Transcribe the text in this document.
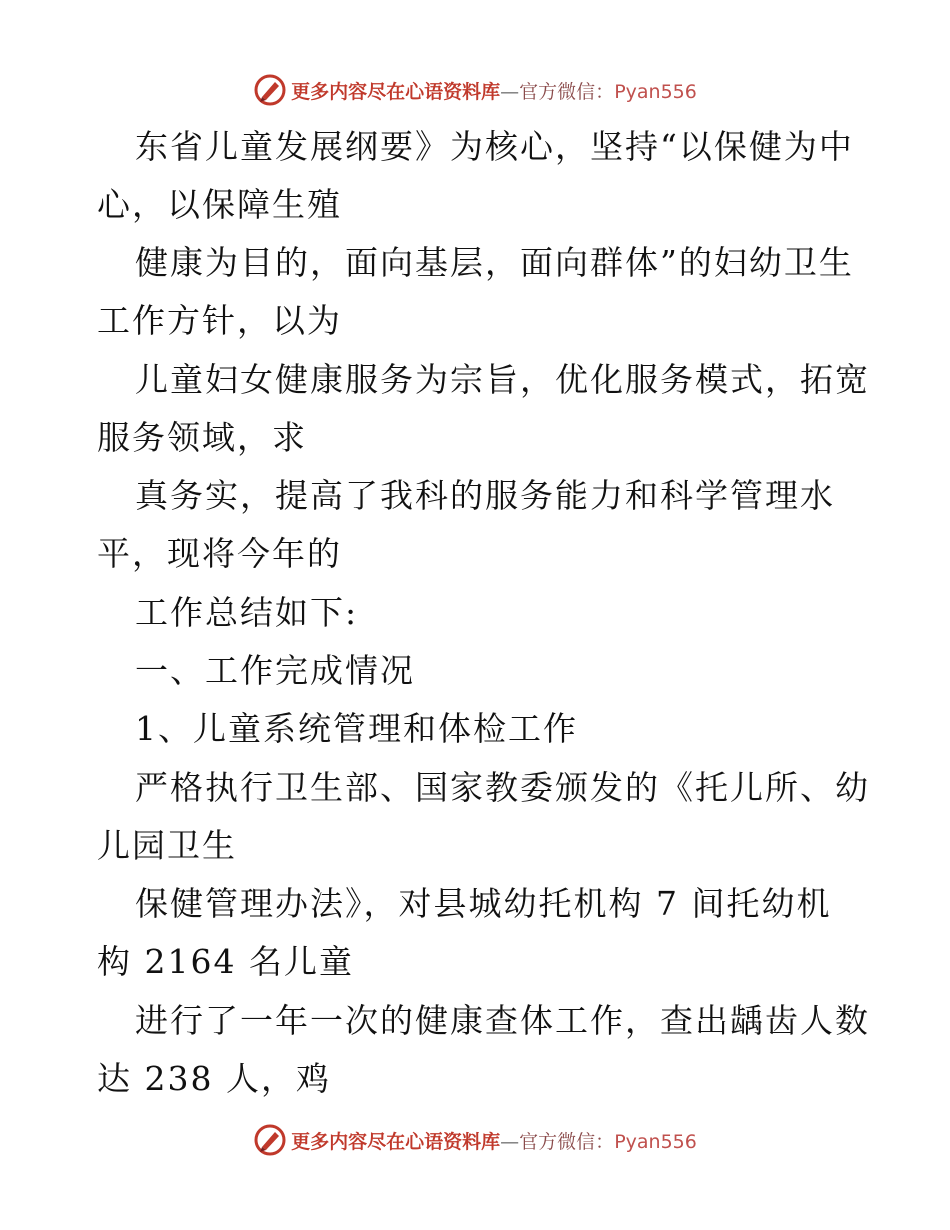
更多内容尽在心语资料库—官方微信：Pyan556
东省儿童发展纲要》为核心，坚持“以保健为中
心，以保障生殖
健康为目的，面向基层，面向群体”的妇幼卫生
工作方针，以为
儿童妇女健康服务为宗旨，优化服务模式，拓宽
服务领域，求
真务实，提高了我科的服务能力和科学管理水
平，现将今年的
工作总结如下:
一、工作完成情况
1、儿童系统管理和体检工作
严格执行卫生部、国家教委颁发的《托儿所、幼
儿园卫生
保健管理办法》，对县城幼托机构 7 间托幼机
构 2164 名儿童
进行了一年一次的健康查体工作，查出龋齿人数
达 238 人，鸡
更多内容尽在心语资料库—官方微信：Pyan556
